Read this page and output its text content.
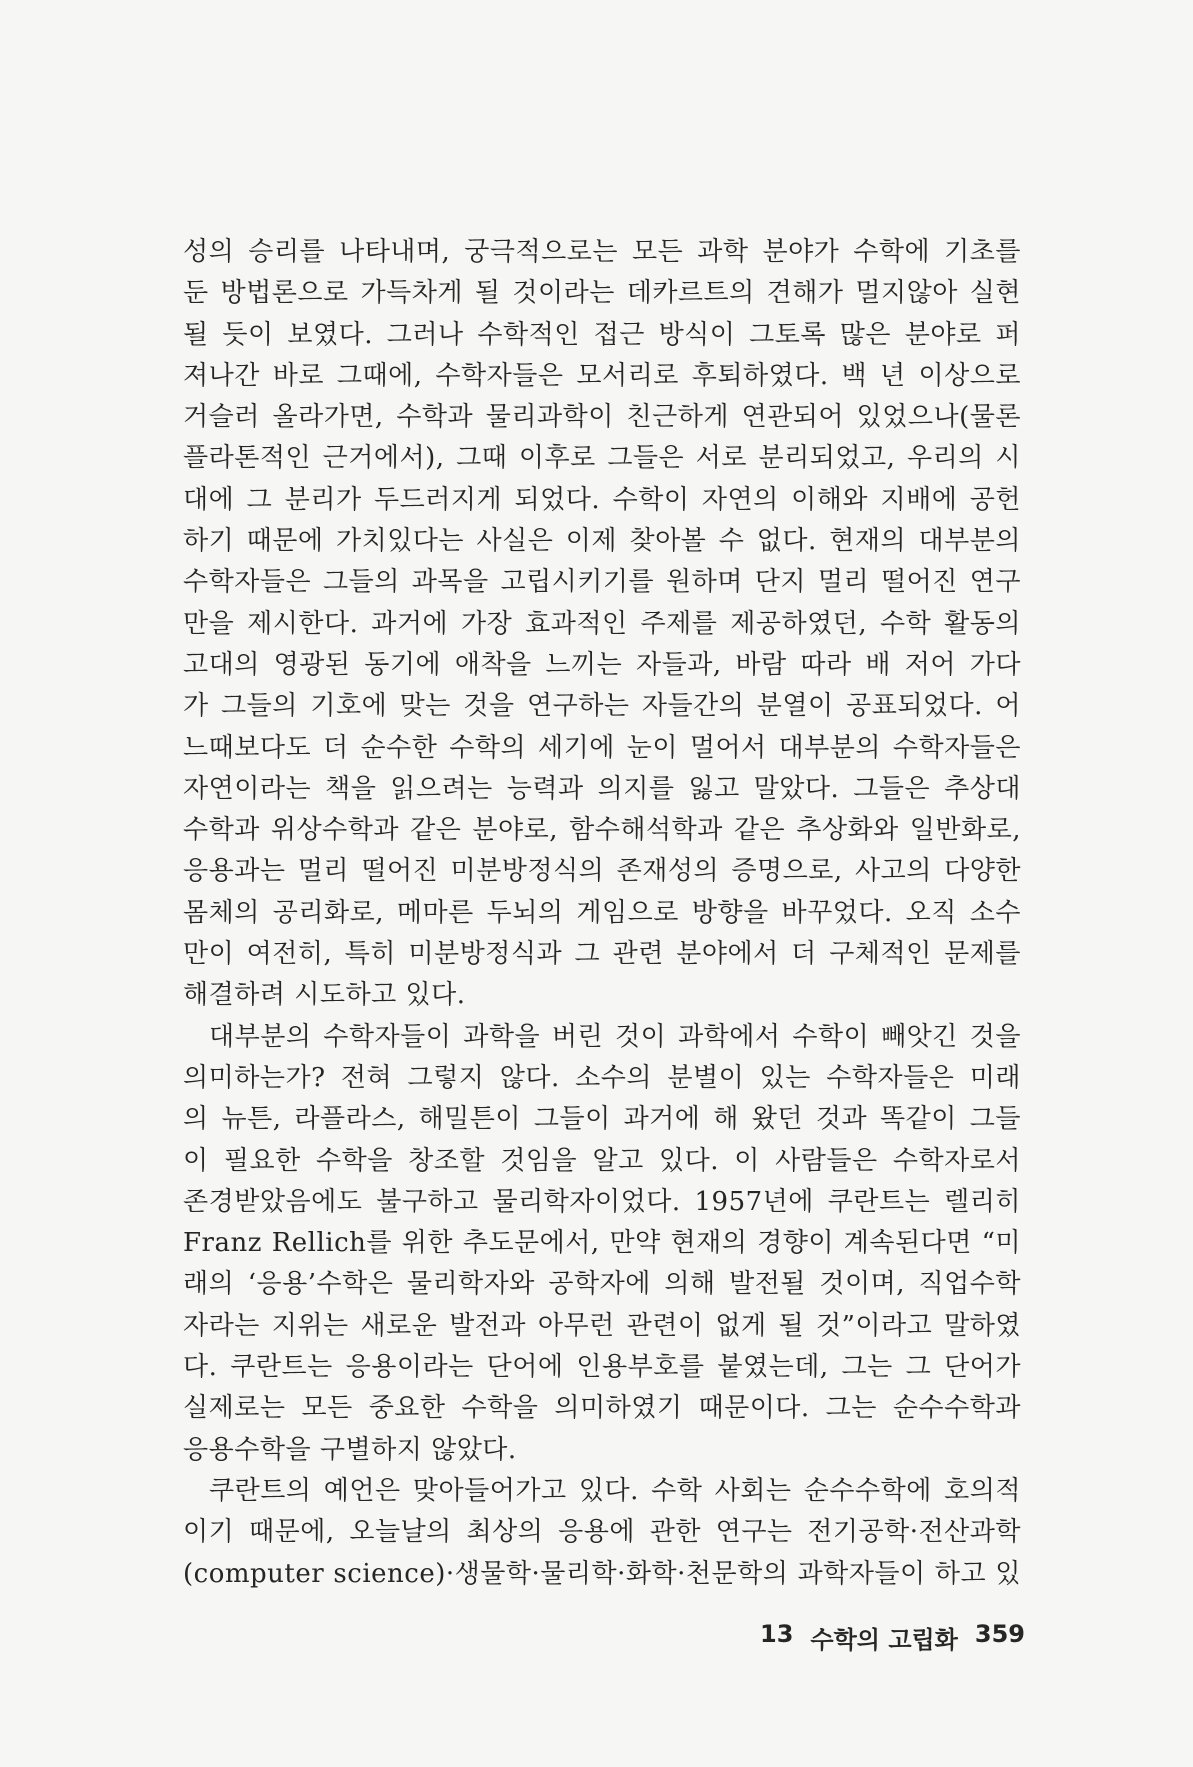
성의 승리를 나타내며, 궁극적으로는 모든 과학 분야가 수학에 기초를
둔 방법론으로 가득차게 될 것이라는 데카르트의 견해가 멀지않아 실현
될 듯이 보였다. 그러나 수학적인 접근 방식이 그토록 많은 분야로 퍼
져나간 바로 그때에, 수학자들은 모서리로 후퇴하였다. 백 년 이상으로
거슬러 올라가면, 수학과 물리과학이 친근하게 연관되어 있었으나(물론
플라톤적인 근거에서), 그때 이후로 그들은 서로 분리되었고, 우리의 시
대에 그 분리가 두드러지게 되었다. 수학이 자연의 이해와 지배에 공헌
하기 때문에 가치있다는 사실은 이제 찾아볼 수 없다. 현재의 대부분의
수학자들은 그들의 과목을 고립시키기를 원하며 단지 멀리 떨어진 연구
만을 제시한다. 과거에 가장 효과적인 주제를 제공하였던, 수학 활동의
고대의 영광된 동기에 애착을 느끼는 자들과, 바람 따라 배 저어 가다
가 그들의 기호에 맞는 것을 연구하는 자들간의 분열이 공표되었다. 어
느때보다도 더 순수한 수학의 세기에 눈이 멀어서 대부분의 수학자들은
자연이라는 책을 읽으려는 능력과 의지를 잃고 말았다. 그들은 추상대
수학과 위상수학과 같은 분야로, 함수해석학과 같은 추상화와 일반화로,
응용과는 멀리 떨어진 미분방정식의 존재성의 증명으로, 사고의 다양한
몸체의 공리화로, 메마른 두뇌의 게임으로 방향을 바꾸었다. 오직 소수
만이 여전히, 특히 미분방정식과 그 관련 분야에서 더 구체적인 문제를
해결하려 시도하고 있다.
대부분의 수학자들이 과학을 버린 것이 과학에서 수학이 빼앗긴 것을
의미하는가? 전혀 그렇지 않다. 소수의 분별이 있는 수학자들은 미래
의 뉴튼, 라플라스, 해밀튼이 그들이 과거에 해 왔던 것과 똑같이 그들
이 필요한 수학을 창조할 것임을 알고 있다. 이 사람들은 수학자로서
존경받았음에도 불구하고 물리학자이었다. 1957년에 쿠란트는 렐리히
Franz Rellich를 위한 추도문에서, 만약 현재의 경향이 계속된다면 “미
래의 ‘응용’수학은 물리학자와 공학자에 의해 발전될 것이며, 직업수학
자라는 지위는 새로운 발전과 아무런 관련이 없게 될 것”이라고 말하였
다. 쿠란트는 응용이라는 단어에 인용부호를 붙였는데, 그는 그 단어가
실제로는 모든 중요한 수학을 의미하였기 때문이다. 그는 순수수학과
응용수학을 구별하지 않았다.
쿠란트의 예언은 맞아들어가고 있다. 수학 사회는 순수수학에 호의적
이기 때문에, 오늘날의 최상의 응용에 관한 연구는 전기공학·전산과학
(computer science)·생물학·물리학·화학·천문학의 과학자들이 하고 있
13 수학의 고립화 359
